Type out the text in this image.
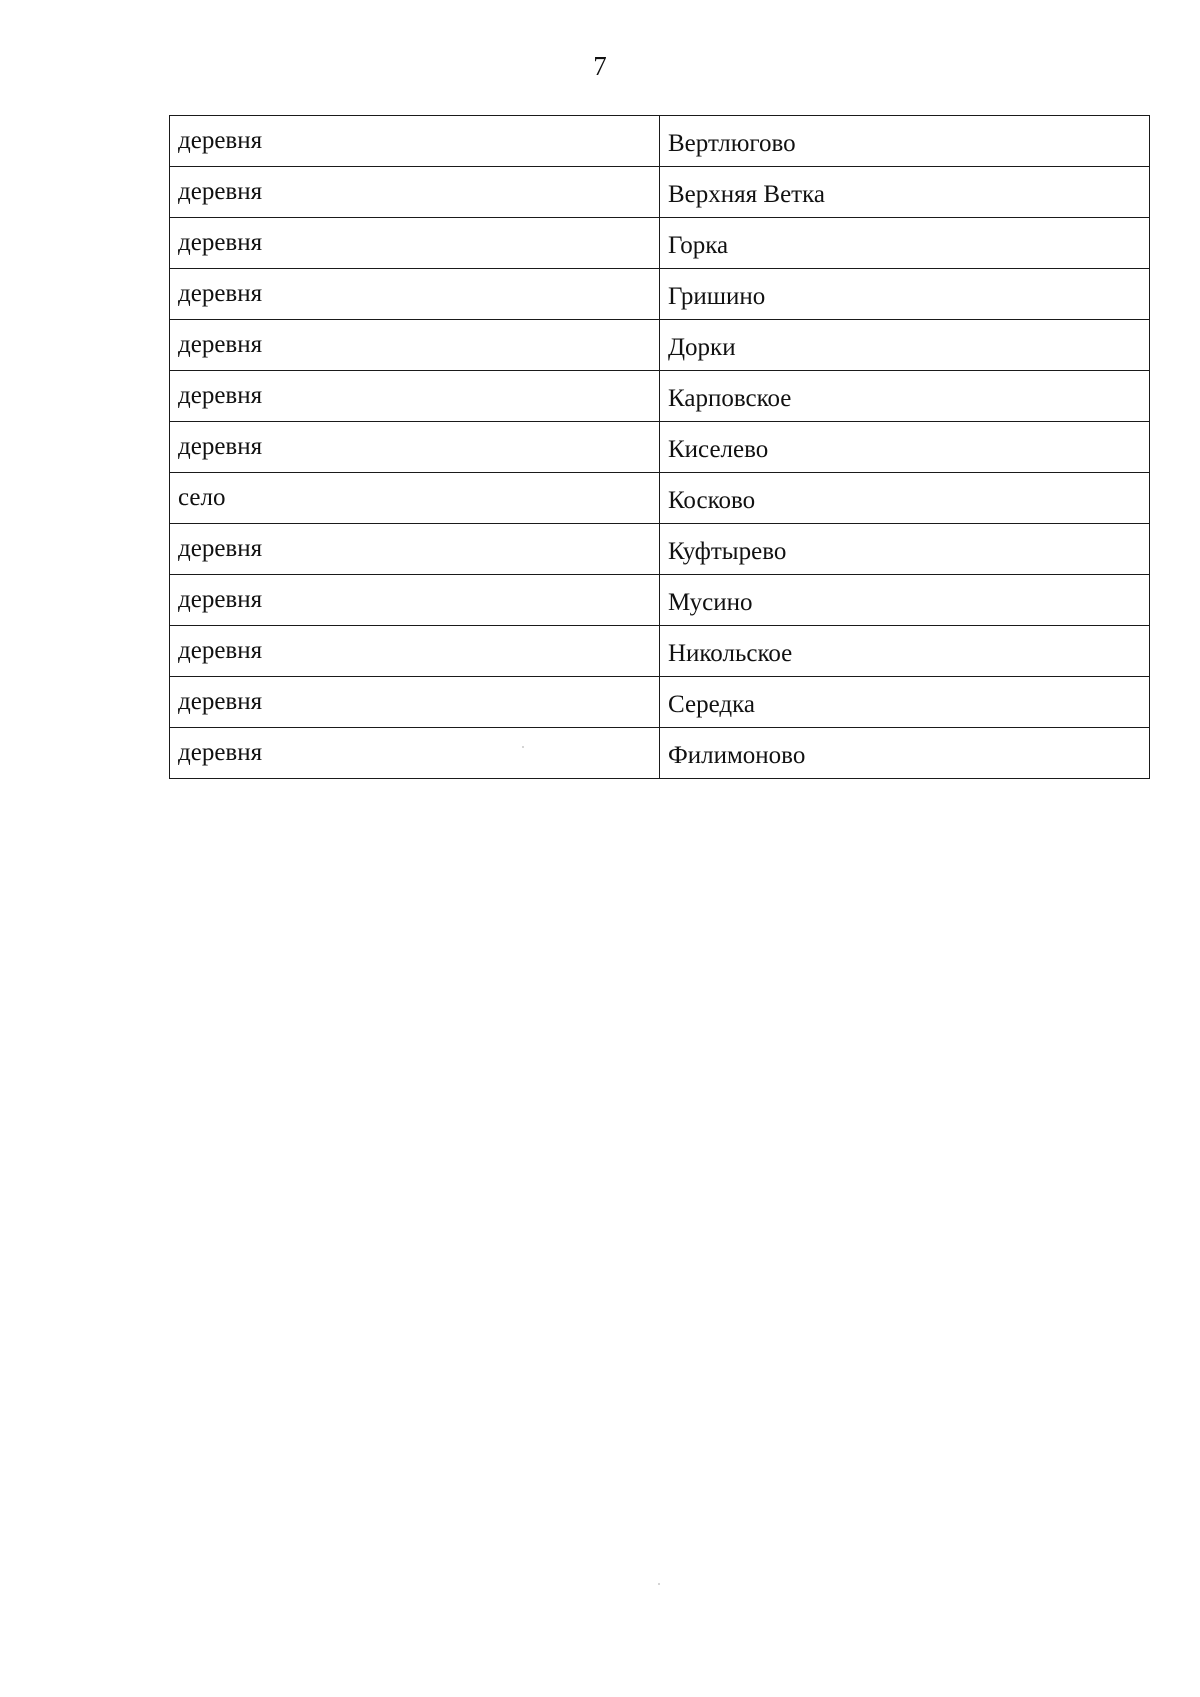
7
деревня	Вертлюгово
деревня	Верхняя Ветка
деревня	Горка
деревня	Гришино
деревня	Дорки
деревня	Карповское
деревня	Киселево
село	Косково
деревня	Куфтырево
деревня	Мусино
деревня	Никольское
деревня	Середка
деревня	Филимоново
